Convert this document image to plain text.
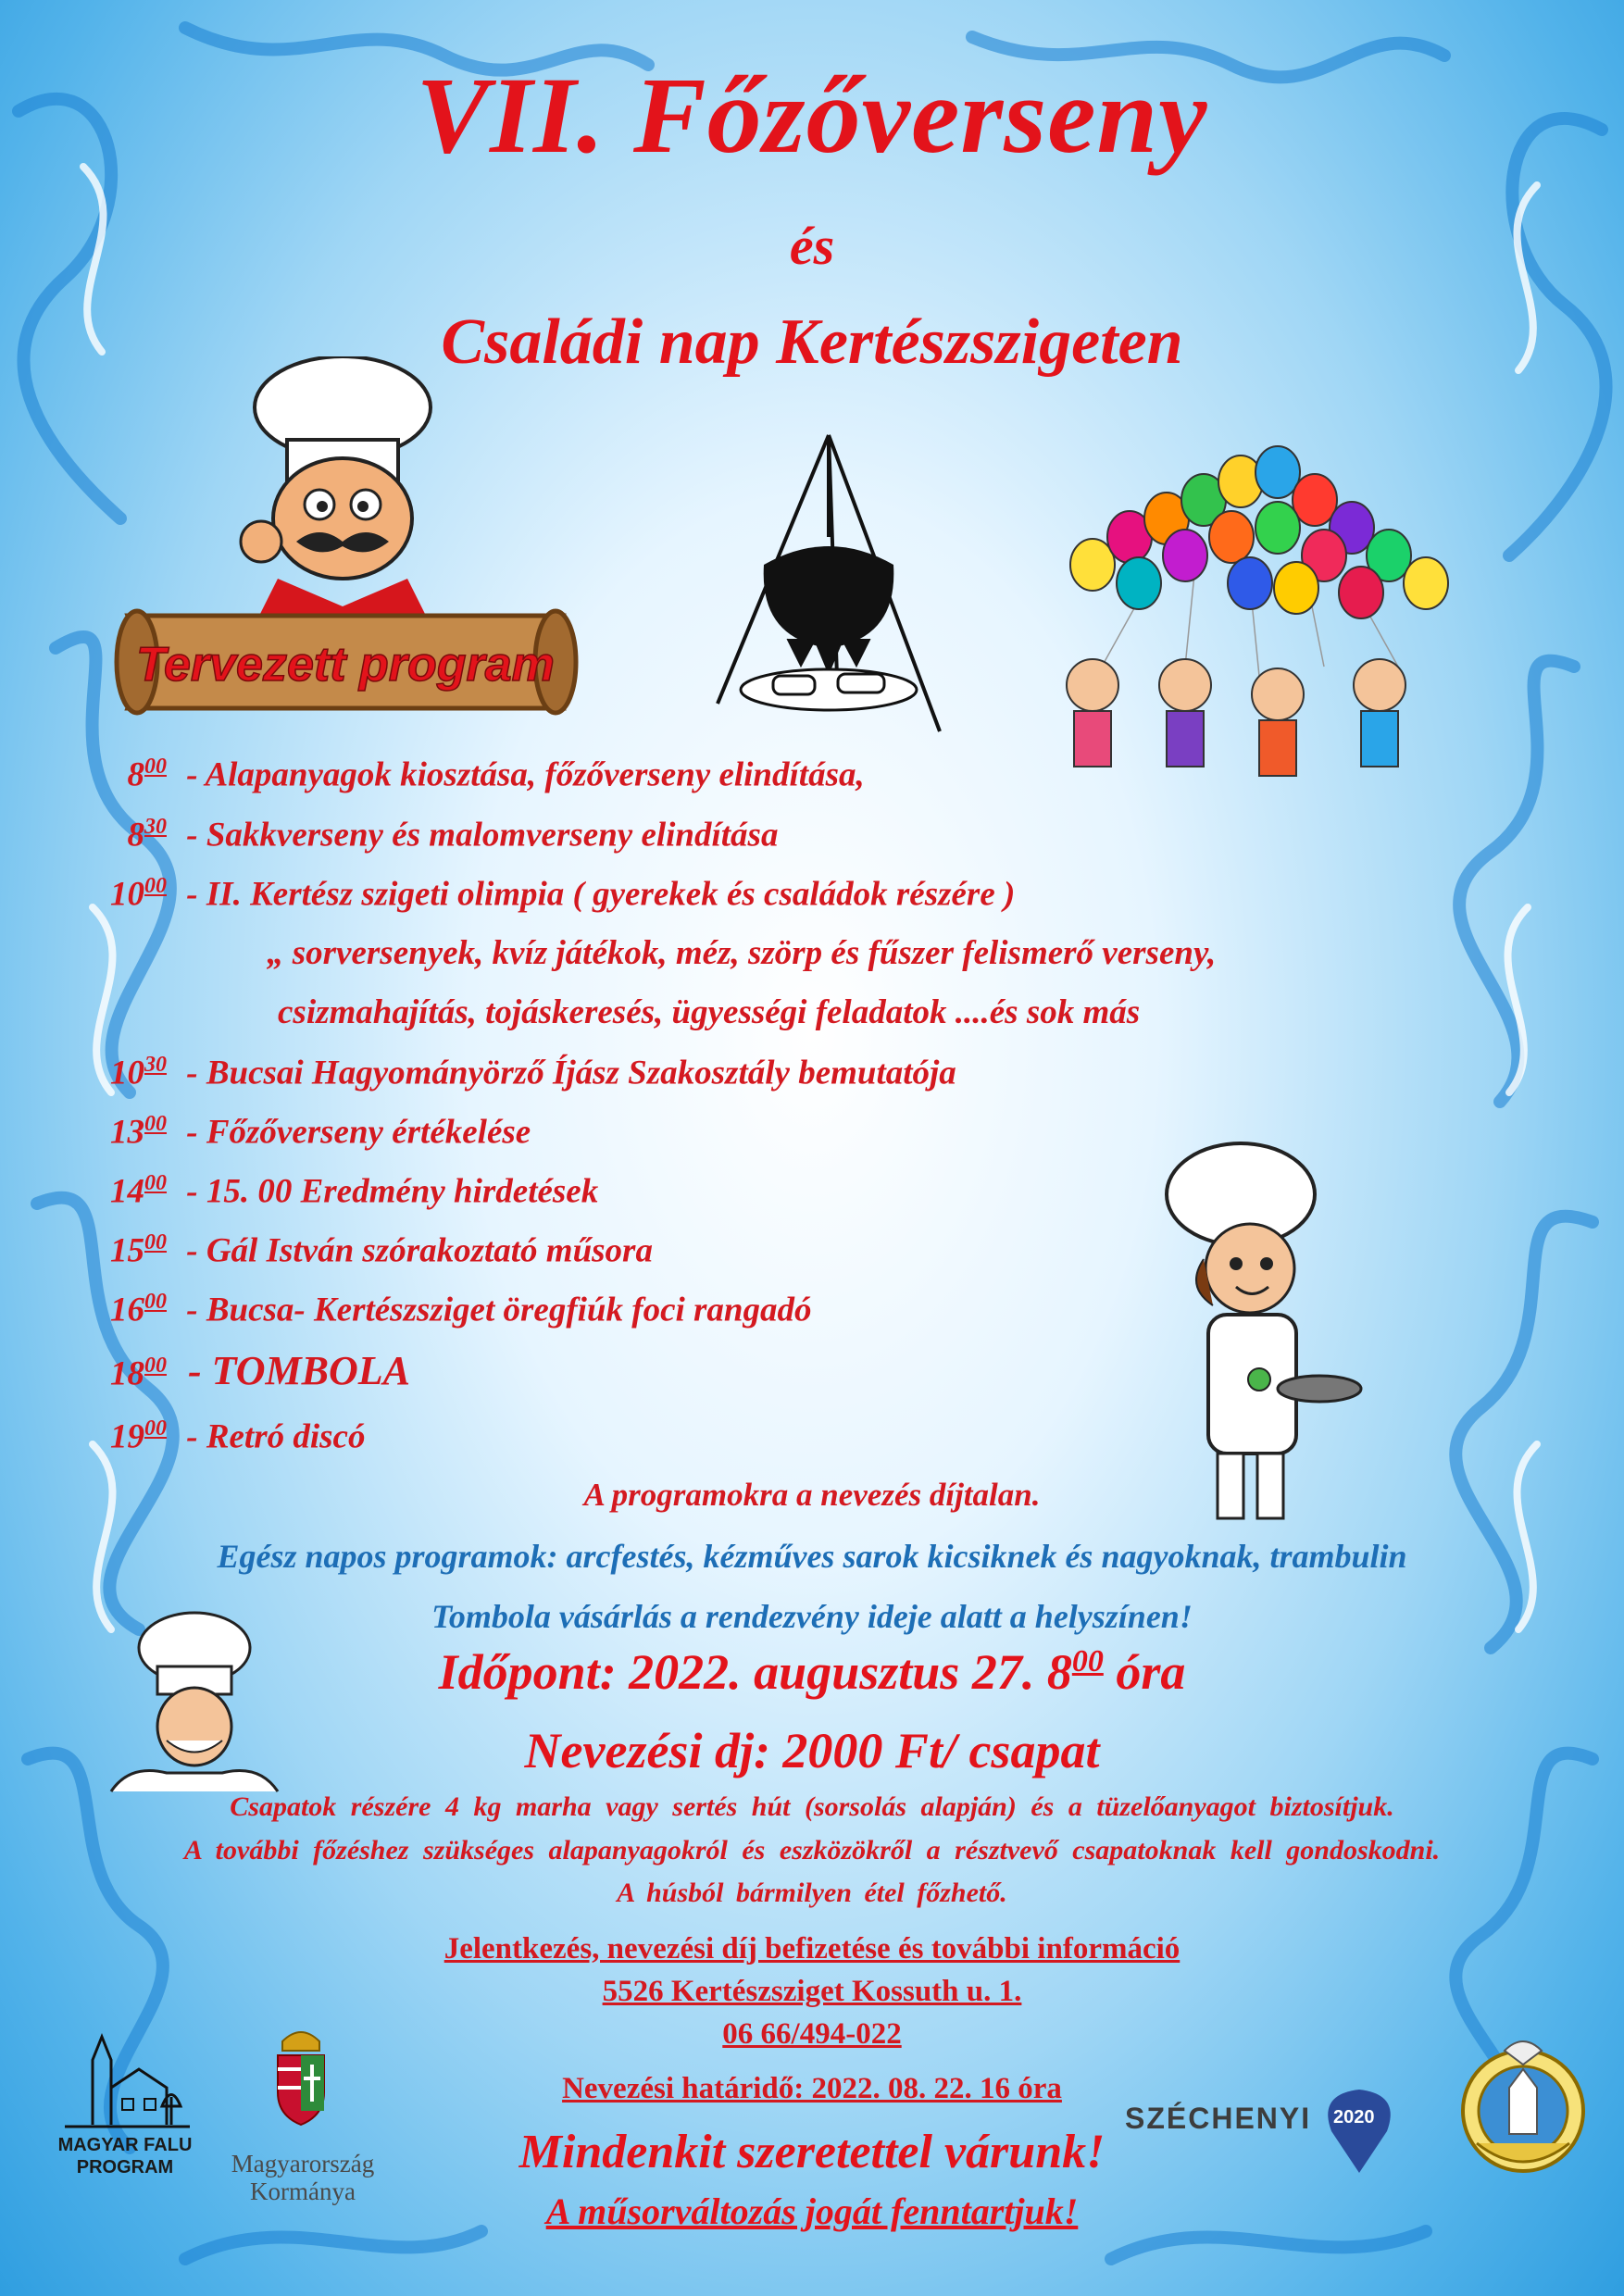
VII. Főzőverseny
és
Családi nap Kertészszigeten
Tervezett program
$8^{00}$ - Alapanyagok kiosztása, főzőverseny elindítása,
$8^{30}$ - Sakkverseny és malomverseny elindítása
$10^{00}$ - II. Kertész szigeti olimpia ( gyerekek és családok részére )
„ sorversenyek, kvíz játékok, méz, szörp és fűszer felismerő verseny,
csizmahajítás, tojáskeresés, ügyességi feladatok ....és sok más
$10^{30}$ - Bucsai Hagyományörző Íjász Szakosztály bemutatója
$13^{00}$ - Főzőverseny értékelése
$14^{00} - 15$. 00 Eredmény hirdetések
$15^{00}$ - Gál István szórakoztató műsora
$16^{00}$ - Bucsa- Kertészsziget öregfiúk foci rangadó
$18^{00}$ - TOMBOLA
$19^{00}$ - Retró discó
A programokra a nevezés díjtalan.
Egész napos programok: arcfestés, kézműves sarok kicsiknek és nagyoknak, trambulin
Tombola vásárlás a rendezvény ideje alatt a helyszínen!
Időpont: 2022. augusztus 27. $8^{00}$ óra
Nevezési dj: 2000 Ft/ csapat
Csapatok részére 4 kg marha vagy sertés hút (sorsolás alapján) és a tüzelőanyagot biztosítjuk.
A további főzéshez szükséges alapanyagokról és eszközökről a résztvevő csapatoknak kell gondoskodni.
A húsból bármilyen étel főzhető.
Jelentkezés, nevezési díj befizetése és további információ
5526 Kertészsziget Kossuth u. 1.
06 66/494-022
Nevezési határidő: 2022. 08. 22. 16 óra
Mindenkit szeretettel várunk!
A műsorváltozás jogát fenntartjuk!
MAGYAR FALU
PROGRAM	Magyarország
Kormánya
SZÉCHENYI 2020
